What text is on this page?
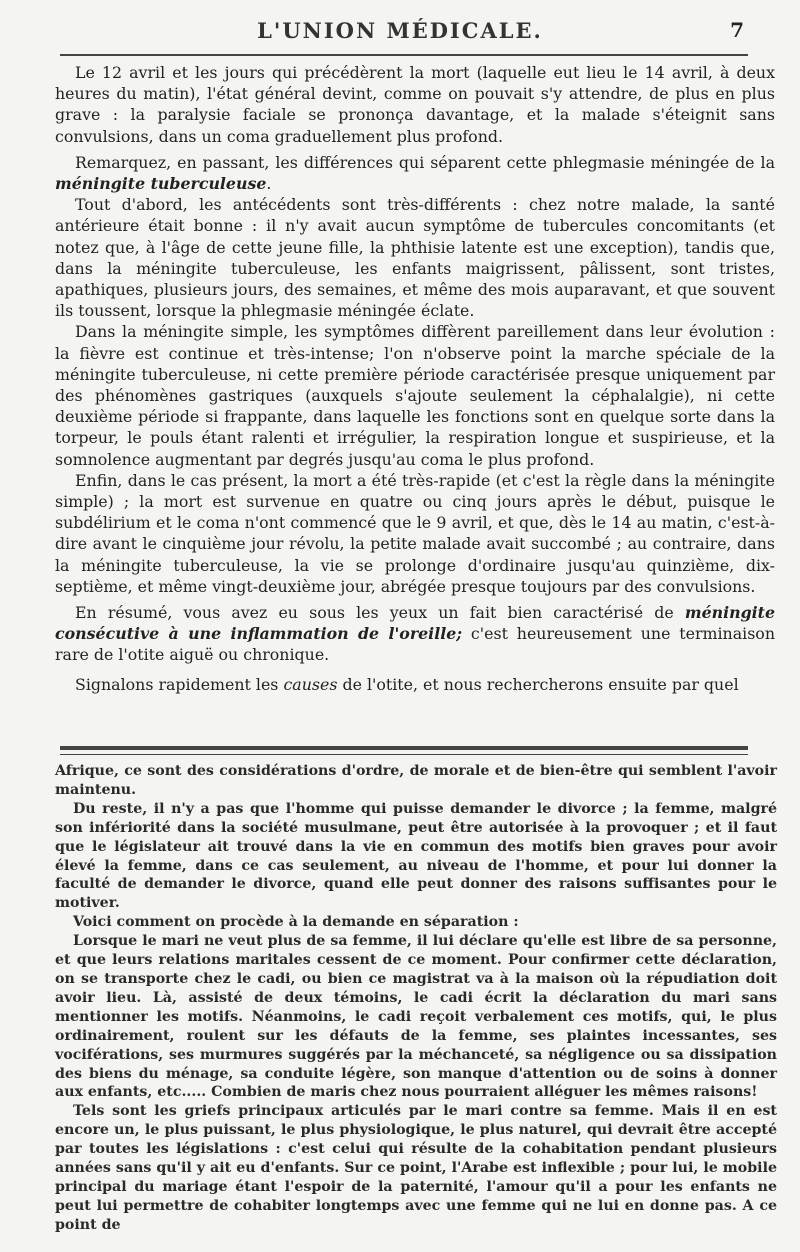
L'UNION MÉDICALE.	7

Le 12 avril et les jours qui précédèrent la mort (laquelle eut lieu le 14 avril, à deux heures du matin), l'état général devint, comme on pouvait s'y attendre, de plus en plus grave : la paralysie faciale se prononça davantage, et la malade s'éteignit sans convulsions, dans un coma graduellement plus profond.

Remarquez, en passant, les différences qui séparent cette phlegmasie méningée de la méningite tuberculeuse.

Tout d'abord, les antécédents sont très-différents : chez notre malade, la santé antérieure était bonne : il n'y avait aucun symptôme de tubercules concomitants (et notez que, à l'âge de cette jeune fille, la phthisie latente est une exception), tandis que, dans la méningite tuberculeuse, les enfants maigrissent, pâlissent, sont tristes, apathiques, plusieurs jours, des semaines, et même des mois auparavant, et que souvent ils toussent, lorsque la phlegmasie méningée éclate.

Dans la méningite simple, les symptômes diffèrent pareillement dans leur évolution : la fièvre est continue et très-intense; l'on n'observe point la marche spéciale de la méningite tuberculeuse, ni cette première période caractérisée presque uniquement par des phénomènes gastriques (auxquels s'ajoute seulement la céphalalgie), ni cette deuxième période si frappante, dans laquelle les fonctions sont en quelque sorte dans la torpeur, le pouls étant ralenti et irrégulier, la respiration longue et suspirieuse, et la somnolence augmentant par degrés jusqu'au coma le plus profond.

Enfin, dans le cas présent, la mort a été très-rapide (et c'est la règle dans la méningite simple) ; la mort est survenue en quatre ou cinq jours après le début, puisque le subdélirium et le coma n'ont commencé que le 9 avril, et que, dès le 14 au matin, c'est-à-dire avant le cinquième jour révolu, la petite malade avait succombé ; au contraire, dans la méningite tuberculeuse, la vie se prolonge d'ordinaire jusqu'au quinzième, dix-septième, et même vingt-deuxième jour, abrégée presque toujours par des convulsions.

En résumé, vous avez eu sous les yeux un fait bien caractérisé de méningite consécutive à une inflammation de l'oreille; c'est heureusement une terminaison rare de l'otite aiguë ou chronique.

Signalons rapidement les causes de l'otite, et nous rechercherons ensuite par quel

Afrique, ce sont des considérations d'ordre, de morale et de bien-être qui semblent l'avoir maintenu.

Du reste, il n'y a pas que l'homme qui puisse demander le divorce ; la femme, malgré son infériorité dans la société musulmane, peut être autorisée à la provoquer ; et il faut que le législateur ait trouvé dans la vie en commun des motifs bien graves pour avoir élevé la femme, dans ce cas seulement, au niveau de l'homme, et pour lui donner la faculté de demander le divorce, quand elle peut donner des raisons suffisantes pour le motiver.

Voici comment on procède à la demande en séparation :

Lorsque le mari ne veut plus de sa femme, il lui déclare qu'elle est libre de sa personne, et que leurs relations maritales cessent de ce moment. Pour confirmer cette déclaration, on se transporte chez le cadi, ou bien ce magistrat va à la maison où la répudiation doit avoir lieu. Là, assisté de deux témoins, le cadi écrit la déclaration du mari sans mentionner les motifs. Néanmoins, le cadi reçoit verbalement ces motifs, qui, le plus ordinairement, roulent sur les défauts de la femme, ses plaintes incessantes, ses vociférations, ses murmures suggérés par la méchanceté, sa négligence ou sa dissipation des biens du ménage, sa conduite légère, son manque d'attention ou de soins à donner aux enfants, etc..... Combien de maris chez nous pourraient alléguer les mêmes raisons!

Tels sont les griefs principaux articulés par le mari contre sa femme. Mais il en est encore un, le plus puissant, le plus physiologique, le plus naturel, qui devrait être accepté par toutes les législations : c'est celui qui résulte de la cohabitation pendant plusieurs années sans qu'il y ait eu d'enfants. Sur ce point, l'Arabe est inflexible ; pour lui, le mobile principal du mariage étant l'espoir de la paternité, l'amour qu'il a pour les enfants ne peut lui permettre de cohabiter longtemps avec une femme qui ne lui en donne pas. A ce point de
